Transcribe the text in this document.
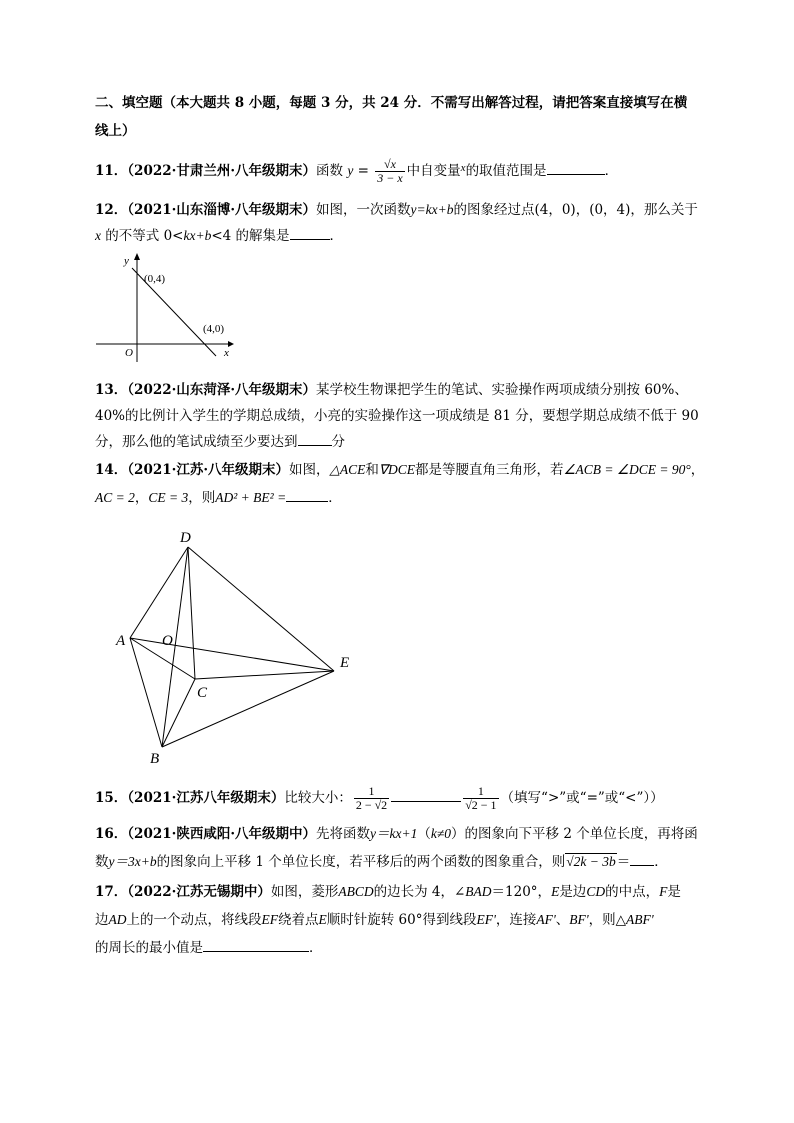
二、填空题（本大题共 8 小题，每题 3 分，共 24 分．不需写出解答过程，请把答案直接填写在横
线上）
11．（2022·甘肃兰州·八年级期末）函数 $y = \frac{√x}{3 - x}$ 中自变量$^x$的取值范围是	．
12．（2021·山东淄博·八年级期末）如图，一次函数y=kx+b的图象经过点(4，0)，(0，4)，那么关于
x 的不等式 0<kx+b<4 的解集是	．
y
x
O
(0,4)
(4,0)
13．（2022·山东菏泽·八年级期末）某学校生物课把学生的笔试、实验操作两项成绩分别按 60%、
40%的比例计入学生的学期总成绩，小亮的实验操作这一项成绩是 81 分，要想学期总成绩不低于 90
分，那么他的笔试成绩至少要达到	分
14．（2021·江苏·八年级期末）如图，△ACE和∇DCE都是等腰直角三角形，若∠ACB = ∠DCE = 90°，
AC = 2，CE = 3，则AD² + BE² =	．
D
A O
E
C
B
15．（2021·江苏八年级期末）比较大小： $\frac{1}{2 - √2}$	$\frac{1}{√2 - 1}$ （填写“>”或“=”或“<”））
16．（2021·陕西咸阳·八年级期中）先将函数y＝kx+1（k≠0）的图象向下平移 2 个单位长度，再将函
数y＝3x+b的图象向上平移 1 个单位长度，若平移后的两个函数的图象重合，则√2k − 3b＝ ．
17．（2022·江苏无锡期中）如图，菱形ABCD的边长为 4，∠BAD＝120°，E是边CD的中点，F是
边AD上的一个动点，将线段EF绕着点E顺时针旋转 60°得到线段EF'，连接AF'、BF'，则△ABF'
的周长的最小值是	．
